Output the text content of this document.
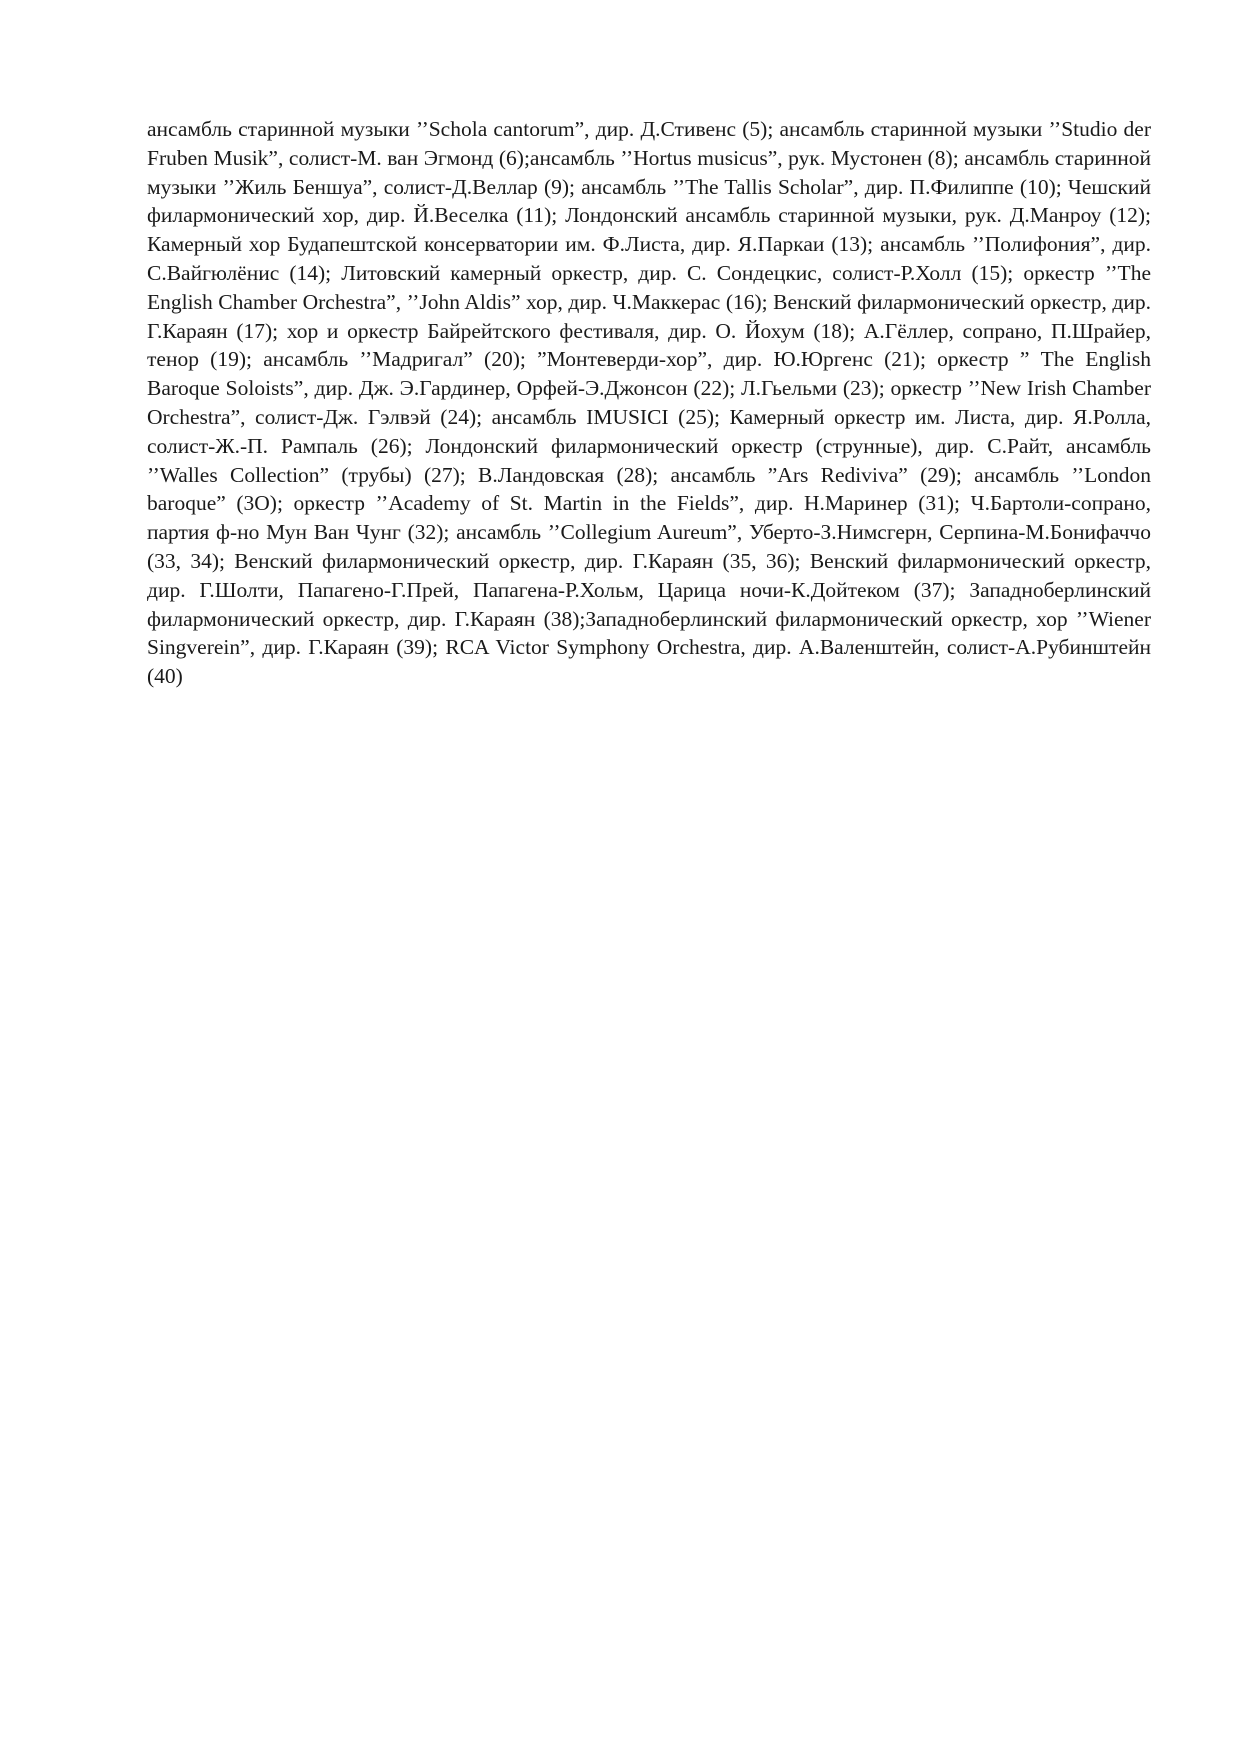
ансамбль старинной музыки ’’Schola cantorum”, дир. Д.Стивенс (5); ансамбль старинной музыки ’’Studio der Fruben Musik”, солист-М. ван Эгмонд (6);ансамбль ’’Hortus musicus”, рук. Мустонен (8); ансамбль старинной музыки ’’Жиль Беншуа”, солист-Д.Веллар (9); ансамбль ’’The Tallis Scholar”, дир. П.Филиппе (10); Чешский филармонический хор, дир. Й.Веселка (11); Лондонский ансамбль старинной музыки, рук. Д.Манроу (12); Камерный хор Будапештской консерватории им. Ф.Листа, дир. Я.Паркаи (13); ансамбль ’’Полифония”, дир. С.Вайгюлёнис (14); Литовский камерный оркестр, дир. С. Сондецкис, солист-Р.Холл (15); оркестр ’’The English Chamber Orchestra”, ’’John Aldis” хор, дир. Ч.Маккерас (16); Венский филармонический оркестр, дир. Г.Караян (17); хор и оркестр Байрейтского фестиваля, дир. О. Йохум (18); А.Гёллер, сопрано, П.Шрайер, тенор (19); ансамбль ’’Мадригал” (20); ”Монтеверди-хор”, дир. Ю.Юргенс (21); оркестр ” The English Baroque Soloists”, дир. Дж. Э.Гардинер, Орфей-Э.Джонсон (22); Л.Гьельми (23); оркестр ’’New Irish Chamber Orchestra”, солист-Дж. Гэлвэй (24); ансамбль IMUSICI (25); Камерный оркестр им. Листа, дир. Я.Ролла, солист-Ж.-П. Рампаль (26); Лондонский филармонический оркестр (струнные), дир. С.Райт, ансамбль ’’Walles Collection” (трубы) (27); В.Ландовская (28); ансамбль ”Ars Rediviva” (29); ансамбль ’’London baroque” (3О); оркестр ’’Academy of St. Martin in the Fields”, дир. Н.Маринер (31); Ч.Бартоли-сопрано, партия ф-но Мун Ван Чунг (32); ансамбль ’’Collegium Aureum”, Уберто-З.Нимсгерн, Серпина-М.Бонифаччо (33, 34); Венский филармонический оркестр, дир. Г.Караян (35, 36); Венский филармонический оркестр, дир. Г.Шолти, Папагено-Г.Прей, Папагена-Р.Хольм, Царица ночи-К.Дойтеком (37); Западноберлинский филармонический оркестр, дир. Г.Караян (38);Западноберлинский филармонический оркестр, хор ’’Wiener Singverein”, дир. Г.Караян (39); RCA Victor Symphony Orchestra, дир. А.Валенштейн, солист-А.Рубинштейн (40)
